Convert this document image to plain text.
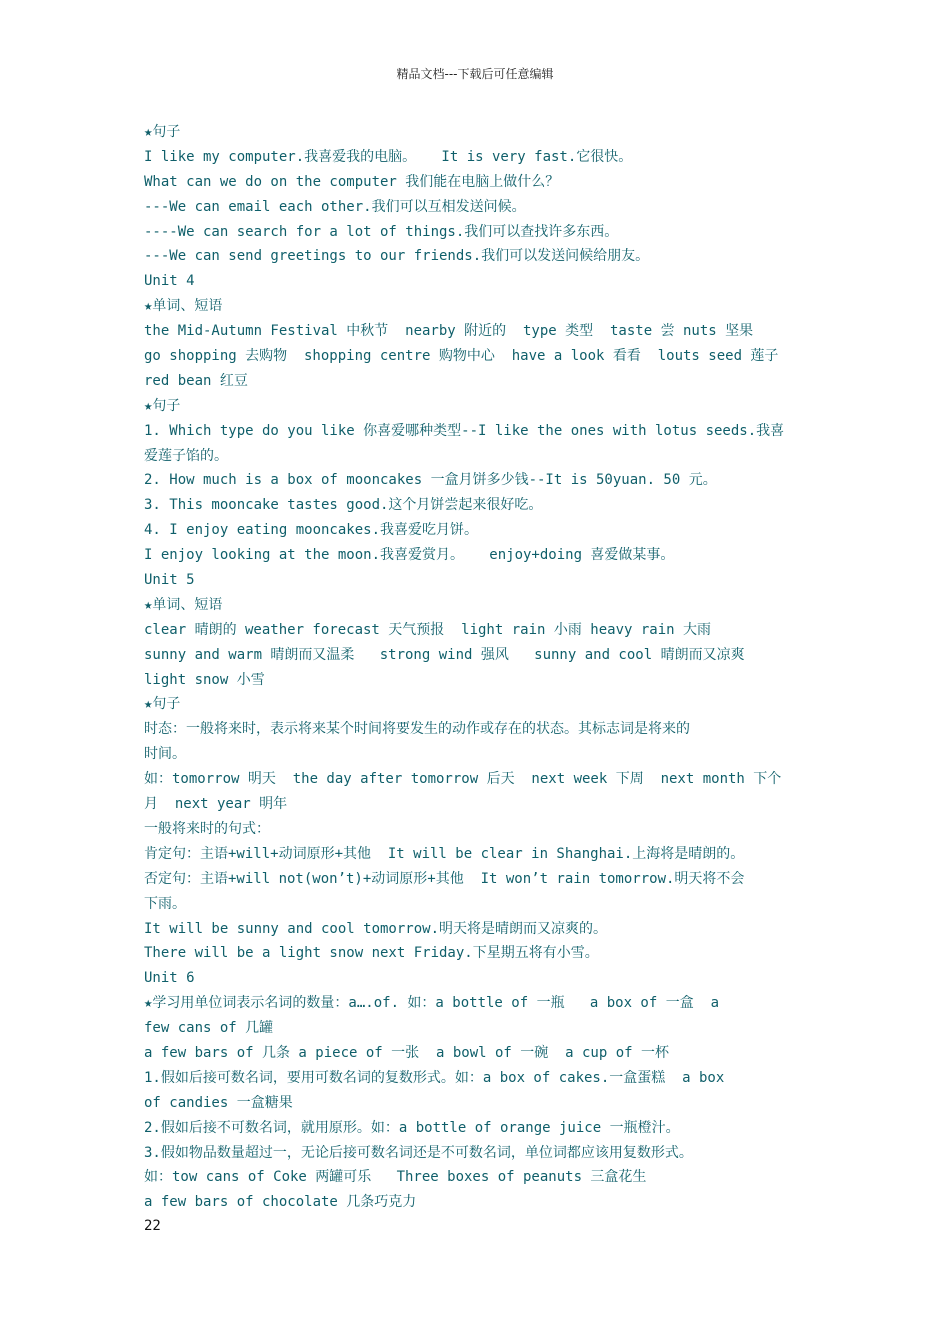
精品文档---下载后可任意编辑
★句子
I like my computer.我喜爱我的电脑。   It is very fast.它很快。
What can we do on the computer 我们能在电脑上做什么？
---We can email each other.我们可以互相发送问候。
----We can search for a lot of things.我们可以查找许多东西。
---We can send greetings to our friends.我们可以发送问候给朋友。
Unit 4
★单词、短语
the Mid-Autumn Festival 中秋节  nearby 附近的  type 类型  taste 尝 nuts 坚果
go shopping 去购物  shopping centre 购物中心  have a look 看看  louts seed 莲子
red bean 红豆
★句子
1. Which type do you like 你喜爱哪种类型--I like the ones with lotus seeds.我喜
爱莲子馅的。
2. How much is a box of mooncakes 一盒月饼多少钱--It is 50yuan. 50 元。
3. This mooncake tastes good.这个月饼尝起来很好吃。
4. I enjoy eating mooncakes.我喜爱吃月饼。
I enjoy looking at the moon.我喜爱赏月。   enjoy+doing 喜爱做某事。
Unit 5
★单词、短语
clear 晴朗的 weather forecast 天气预报  light rain 小雨 heavy rain 大雨
sunny and warm 晴朗而又温柔   strong wind 强风   sunny and cool 晴朗而又凉爽
light snow 小雪
★句子
时态：一般将来时，表示将来某个时间将要发生的动作或存在的状态。其标志词是将来的
时间。
如：tomorrow 明天  the day after tomorrow 后天  next week 下周  next month 下个
月  next year 明年
一般将来时的句式：
肯定句：主语+will+动词原形+其他  It will be clear in Shanghai.上海将是晴朗的。
否定句：主语+will not(won’t)+动词原形+其他  It won’t rain tomorrow.明天将不会
下雨。
It will be sunny and cool tomorrow.明天将是晴朗而又凉爽的。
There will be a light snow next Friday.下星期五将有小雪。
Unit 6
★学习用单位词表示名词的数量：a….of. 如：a bottle of 一瓶   a box of 一盒  a
few cans of 几罐
a few bars of 几条 a piece of 一张  a bowl of 一碗  a cup of 一杯
1.假如后接可数名词，要用可数名词的复数形式。如：a box of cakes.一盒蛋糕  a box
of candies 一盒糖果
2.假如后接不可数名词，就用原形。如：a bottle of orange juice 一瓶橙汁。
3.假如物品数量超过一，无论后接可数名词还是不可数名词，单位词都应该用复数形式。
如：tow cans of Coke 两罐可乐   Three boxes of peanuts 三盒花生
a few bars of chocolate 几条巧克力
22
